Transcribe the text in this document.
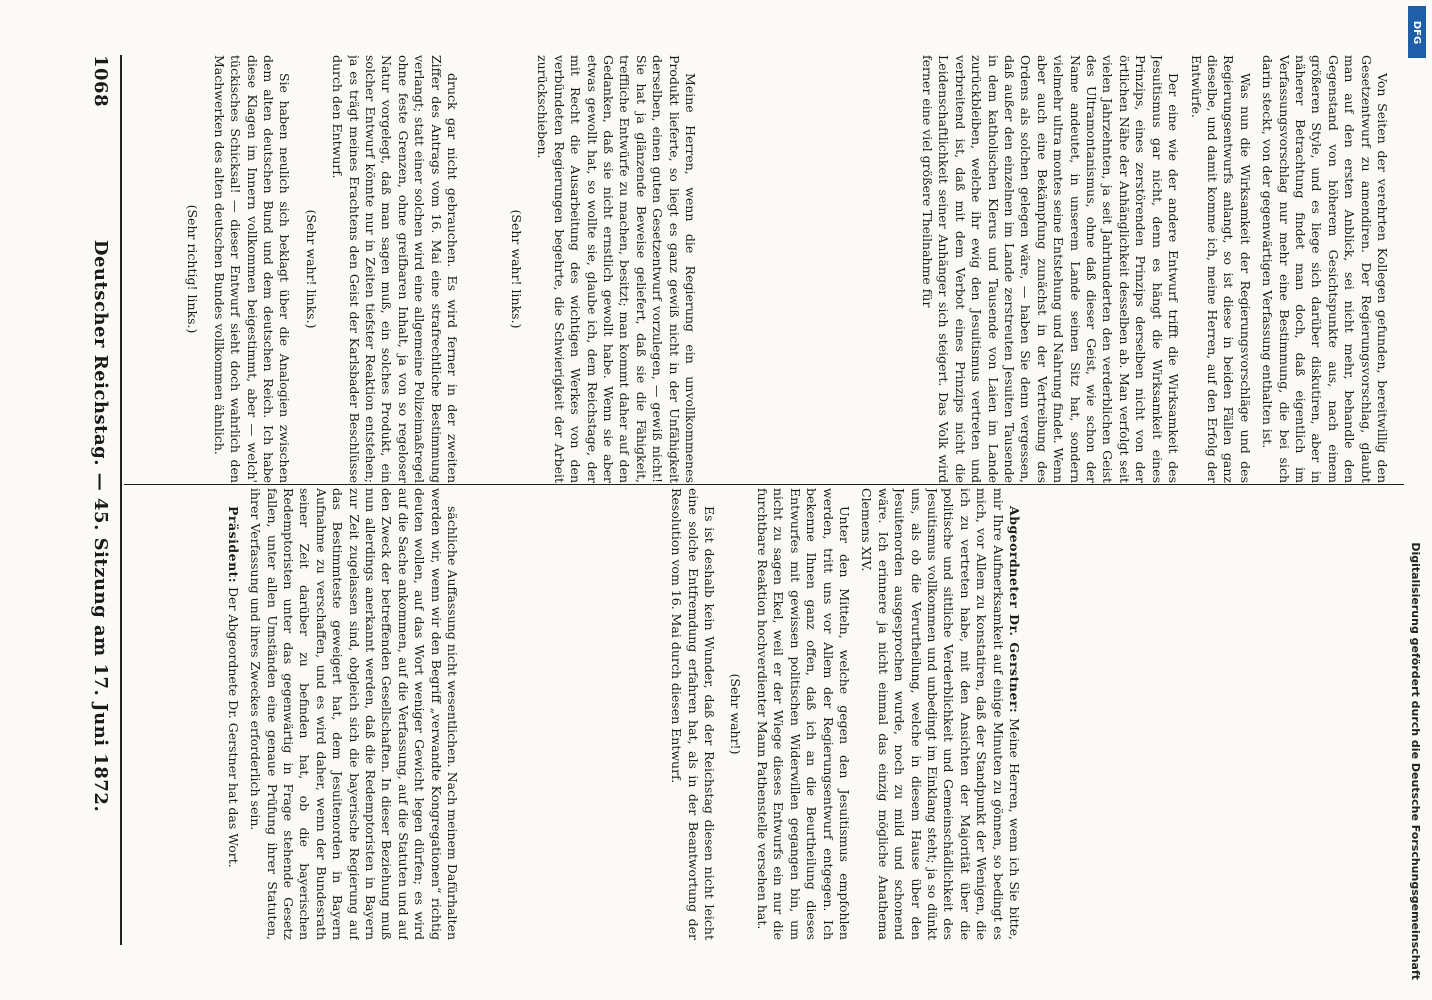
1068
Deutscher Reichstag. — 45. Sitzung am 17. Juni 1872.	sächliche Auffassung nicht wesentlichen. Nach meinem Dafürhalten werden wir, wenn wir den Begriff „verwandte Kongregationen“ richtig deuten wollen, auf das Wort weniger Gewicht legen dürfen; es wird auf die Sache ankommen, auf die Verfassung, auf die Statuten und auf den Zweck der betreffenden Gesellschaften. In dieser Beziehung muß nun allerdings anerkannt werden, daß die Redemptoristen in Bayern zur Zeit zugelassen sind, obgleich sich die bayerische Regierung auf das Bestimmteste geweigert hat, dem Jesuitenorden in Bayern Aufnahme zu verschaffen, und es wird daher, wenn der Bundesrath seiner Zeit darüber zu befinden hat, ob die bayerischen Redemptoristen unter das gegenwärtig in Frage stehende Gesetz fallen, unter allen Umständen eine genaue Prüfung ihrer Statuten, ihrer Verfassung und ihres Zweckes erforderlich sein.

Präsident: Der Abgeordnete Dr. Gerstner hat das Wort.	Abgeordneter Dr. Gerstner: Meine Herren, wenn ich Sie bitte, mir Ihre Aufmerksamkeit auf einige Minuten zu gönnen, so bedingt es mich, vor Allem zu konstatiren, daß der Standpunkt der Wenigen, die ich zu vertreten habe, mit den Ansichten der Majorität über die politische und sittliche Verderblichkeit und Gemeinschädlichkeit des Jesuitismus vollkommen und unbedingt im Einklang steht; ja so dünkt uns, als ob die Verurtheilung, welche in diesem Hause über den Jesuitenorden ausgesprochen wurde, noch zu mild und schonend wäre. Ich erinnere ja nicht einmal das einzig mögliche Anathema Clemens XIV.

Unter den Mitteln, welche gegen den Jesuitismus empfohlen werden, tritt uns vor Allem der Regierungsentwurf entgegen. Ich bekenne Ihnen ganz offen, daß ich an die Beurtheilung dieses Entwurfes mit gewissen politischen Widerwillen gegangen bin, um nicht zu sagen Ekel, weil er der Wiege dieses Entwurfs ein nur die furchtbare Reaktion hochverdienter Mann Pathenstelle versehen hat.

(Sehr wahr!)

Es ist deshalb kein Wunder, daß der Reichstag diesen nicht leicht eine solche Entfremdung erfahren hat, als in der Beantwortung der Resolution vom 16. Mai durch diesen Entwurf.

druck gar nicht gebrauchen. Es wird ferner in der zweiten Ziffer des Antrags vom 16. Mai eine strafrechtliche Bestimmung verlangt; statt einer solchen wird eine allgemeine Polizeimaßregel ohne feste Grenzen, ohne greifbaren Inhalt, ja von so regeloser Natur vorgelegt, daß man sagen muß, ein solches Produkt, ein solcher Entwurf könnte nur in Zeiten tiefster Reaktion entstehen; ja es trägt meines Erachtens den Geist der Karlsbader Beschlüsse durch den Entwurf.

(Sehr wahr! links.)

Sie haben neulich sich beklagt über die Analogien zwischen dem alten deutschen Bund und dem deutschen Reich. Ich habe diese Klagen im Innern vollkommen beigestimmt, aber — welch' tückisches Schicksal! — dieser Entwurf sieht doch wahrlich den Machwerken des alten deutschen Bundes vollkommen ähnlich.

(Sehr richtig! links.)	Meine Herren, wenn die Regierung ein unvollkommenes Produkt lieferte, so liegt es ganz gewiß nicht in der Unfähigkeit derselben, einen guten Gesetzentwurf vorzulegen, — gewiß nicht! Sie hat ja glänzende Beweise geliefert, daß sie die Fähigkeit, treffliche Entwürfe zu machen, besitzt; man kommt daher auf den Gedanken, daß sie nicht ernstlich gewollt habe. Wenn sie aber etwas gewollt hat, so wollte sie, glaube ich, dem Reichstage, der mit Recht die Ausarbeitung des wichtigen Werkes von den verbündeten Regierungen begehrte, die Schwierigkeit der Arbeit zurückschieben.

(Sehr wahr! links.)	Von Seiten der verehrten Kollegen gefunden, bereitwillig den Gesetzentwurf zu amendiren. Der Regierungsvorschlag, glaubt man auf den ersten Anblick, sei nicht mehr, behandle den Gegenstand von höherem Gesichtspunkte aus, nach einem größeren Style, und es liege sich darüber diskutiren, aber in näherer Betrachtung findet man doch, daß eigentlich im Verfassungsvorschlag nur mehr eine Bestimmung, die bei sich darin steckt, von der gegenwärtigen Verfassung enthalten ist.

Was nun die Wirksamkeit der Regierungsvorschläge und des Regierungsentwurfs anlangt, so ist diese in beiden Fällen ganz dieselbe, und damit komme ich, meine Herren, auf den Erfolg der Entwürfe.

Der eine wie der andere Entwurf trifft die Wirksamkeit des Jesuitismus gar nicht, denn es hängt die Wirksamkeit eines Prinzips, eines zerstörenden Prinzips derselben nicht von der örtlichen Nähe der Anhänglichkeit desselben ab. Man verfolgt seit vielen Jahrzehnten, ja seit Jahrhunderten den verderblichen Geist des Ultramontanismus, ohne daß dieser Geist, wie schon der Name andeutet, in unserem Lande seinen Sitz hat, sondern vielmehr ultra montes seine Entstehung und Nahrung findet. Wenn aber auch eine Bekämpfung zunächst in der Vertreibung des Ordens als solchen gelegen wäre, — haben Sie denn vergessen, daß außer den einzelnen im Lande zerstreuten Jesuiten Tausende in dem katholischen Klerus und Tausende von Laien im Lande zurückbleiben, welche ihr ewig den Jesuitismus vertreten und verbreitend ist, daß mit dem Verbot eines Prinzips nicht die Leidenschaftlichkeit seiner Anhänger sich steigert. Das Volk wird ferner eine viel größere Theilnahme für

Digitalisierung gefördert durch die Deutsche Forschungsgemeinschaft
DFG
